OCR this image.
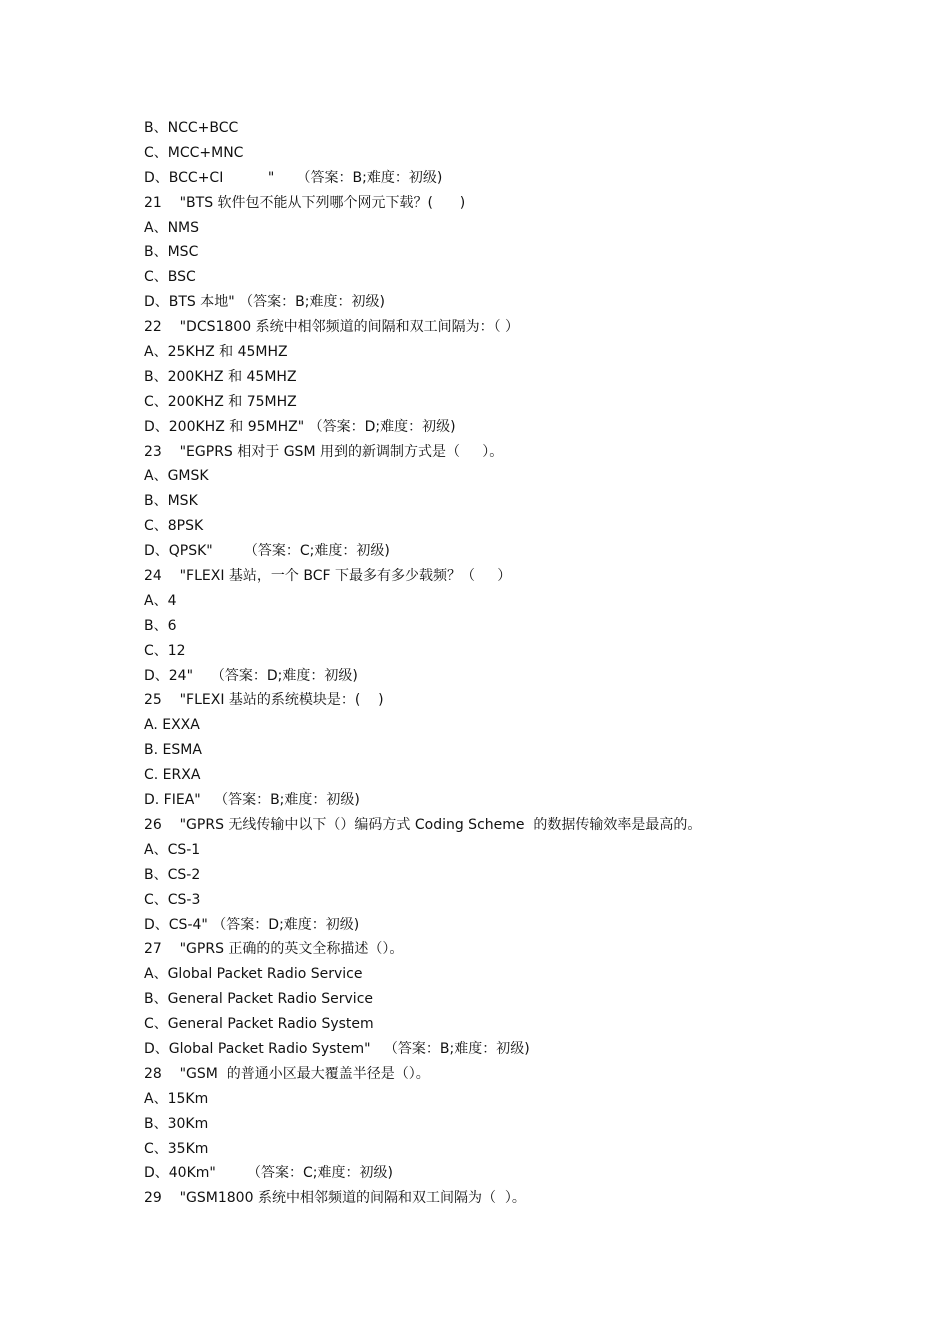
B、NCC+BCC
C、MCC+MNC
D、BCC+CI          "     （答案：B;难度：初级)
21    "BTS 软件包不能从下列哪个网元下载？(      )
A、NMS
B、MSC
C、BSC
D、BTS 本地" （答案：B;难度：初级)
22    "DCS1800 系统中相邻频道的间隔和双工间隔为：（ ）
A、25KHZ 和 45MHZ
B、200KHZ 和 45MHZ
C、200KHZ 和 75MHZ
D、200KHZ 和 95MHZ" （答案：D;难度：初级)
23    "EGPRS 相对于 GSM 用到的新调制方式是（     ）。
A、GMSK
B、MSK
C、8PSK
D、QPSK"       （答案：C;难度：初级)
24    "FLEXI 基站，一个 BCF 下最多有多少载频？（     ）
A、4
B、6
C、12
D、24"    （答案：D;难度：初级)
25    "FLEXI 基站的系统模块是：(    )
A. EXXA
B. ESMA
C. ERXA
D. FIEA"   （答案：B;难度：初级)
26    "GPRS 无线传输中以下（）编码方式 Coding Scheme  的数据传输效率是最高的。
A、CS-1
B、CS-2
C、CS-3
D、CS-4" （答案：D;难度：初级)
27    "GPRS 正确的的英文全称描述（）。
A、Global Packet Radio Service
B、General Packet Radio Service
C、General Packet Radio System
D、Global Packet Radio System"   （答案：B;难度：初级)
28    "GSM  的普通小区最大覆盖半径是（）。
A、15Km
B、30Km
C、35Km
D、40Km"       （答案：C;难度：初级)
29    "GSM1800 系统中相邻频道的间隔和双工间隔为（  ）。
